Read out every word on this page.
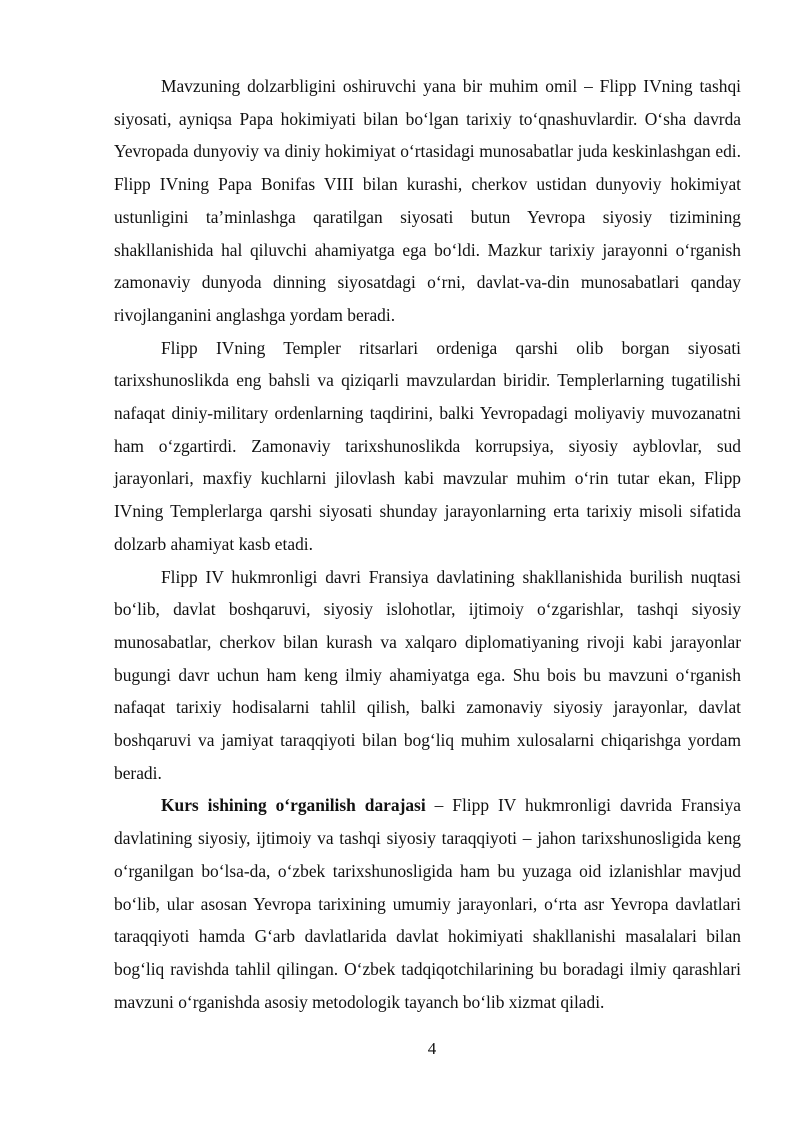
Mavzuning dolzarbligini oshiruvchi yana bir muhim omil – Flipp IVning tashqi siyosati, ayniqsa Papa hokimiyati bilan boʻlgan tarixiy toʻqnashuvlardir. Oʻsha davrda Yevropada dunyoviy va diniy hokimiyat oʻrtasidagi munosabatlar juda keskinlashgan edi. Flipp IVning Papa Bonifas VIII bilan kurashi, cherkov ustidan dunyoviy hokimiyat ustunligini taʼminlashga qaratilgan siyosati butun Yevropa siyosiy tizimining shakllanishida hal qiluvchi ahamiyatga ega boʻldi. Mazkur tarixiy jarayonni oʻrganish zamonaviy dunyoda dinning siyosatdagi oʻrni, davlat-va-din munosabatlari qanday rivojlanganini anglashga yordam beradi.

Flipp IVning Templer ritsarlari ordeniga qarshi olib borgan siyosati tarixshunoslikda eng bahsli va qiziqarli mavzulardan biridir. Templerlarning tugatilishi nafaqat diniy-military ordenlarning taqdirini, balki Yevropadagi moliyaviy muvozanatni ham oʻzgartirdi. Zamonaviy tarixshunoslikda korrupsiya, siyosiy ayblovlar, sud jarayonlari, maxfiy kuchlarni jilovlash kabi mavzular muhim oʻrin tutar ekan, Flipp IVning Templerlarga qarshi siyosati shunday jarayonlarning erta tarixiy misoli sifatida dolzarb ahamiyat kasb etadi.

Flipp IV hukmronligi davri Fransiya davlatining shakllanishida burilish nuqtasi boʻlib, davlat boshqaruvi, siyosiy islohotlar, ijtimoiy oʻzgarishlar, tashqi siyosiy munosabatlar, cherkov bilan kurash va xalqaro diplomatiyaning rivoji kabi jarayonlar bugungi davr uchun ham keng ilmiy ahamiyatga ega. Shu bois bu mavzuni oʻrganish nafaqat tarixiy hodisalarni tahlil qilish, balki zamonaviy siyosiy jarayonlar, davlat boshqaruvi va jamiyat taraqqiyoti bilan bogʻliq muhim xulosalarni chiqarishga yordam beradi.

Kurs ishining oʻrganilish darajasi – Flipp IV hukmronligi davrida Fransiya davlatining siyosiy, ijtimoiy va tashqi siyosiy taraqqiyoti – jahon tarixshunosligida keng oʻrganilgan boʻlsa-da, oʻzbek tarixshunosligida ham bu yuzaga oid izlanishlar mavjud boʻlib, ular asosan Yevropa tarixining umumiy jarayonlari, oʻrta asr Yevropa davlatlari taraqqiyoti hamda Gʻarb davlatlarida davlat hokimiyati shakllanishi masalalari bilan bogʻliq ravishda tahlil qilingan. Oʻzbek tadqiqotchilarining bu boradagi ilmiy qarashlari mavzuni oʻrganishda asosiy metodologik tayanch boʻlib xizmat qiladi.

4
